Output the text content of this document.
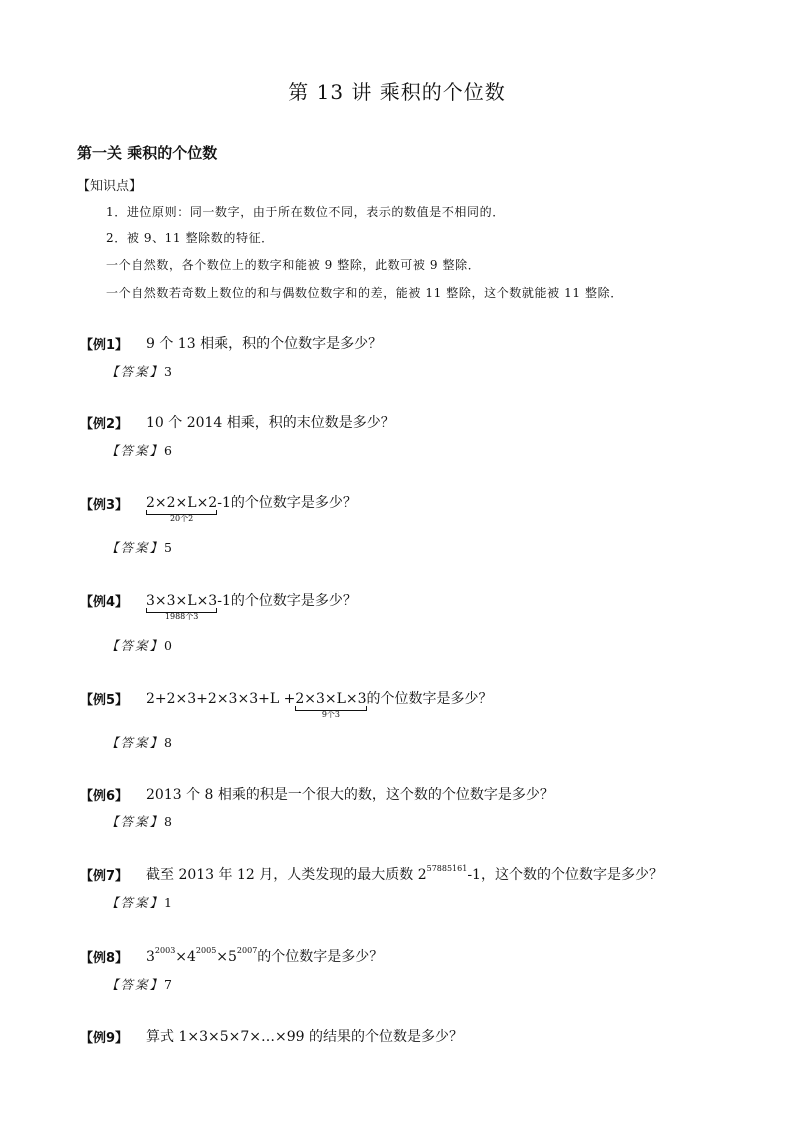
第 13 讲 乘积的个位数
第一关 乘积的个位数
【知识点】
1．进位原则：同一数字，由于所在数位不同，表示的数值是不相同的．
2．被 9、11 整除数的特征．
一个自然数，各个数位上的数字和能被 9 整除，此数可被 9 整除．
一个自然数若奇数上数位的和与偶数位数字和的差，能被 11 整除，这个数就能被 11 整除．
【例1】 9 个 13 相乘，积的个位数字是多少？
【答案】3
【例2】 10 个 2014 相乘，积的末位数是多少？
【答案】6
【例3】 2×2×L×2
20个2
-1的个位数字是多少？
【答案】5
【例4】 3×3×L×3
1988个3
-1的个位数字是多少？
【答案】0
【例5】 2+2×3+2×3×3+L +2×3×L×3
9个3
的个位数字是多少？
【答案】8
【例6】 2013 个 8 相乘的积是一个很大的数，这个数的个位数字是多少？
【答案】8
【例7】 截至 2013 年 12 月，人类发现的最大质数 $2^{57885161}-1$，这个数的个位数字是多少？
【答案】1
【例8】 $3^{2003}\times 4^{2005}\times 5^{2007}$的个位数字是多少？
【答案】7
【例9】 算式 1×3×5×7×…×99 的结果的个位数是多少？
